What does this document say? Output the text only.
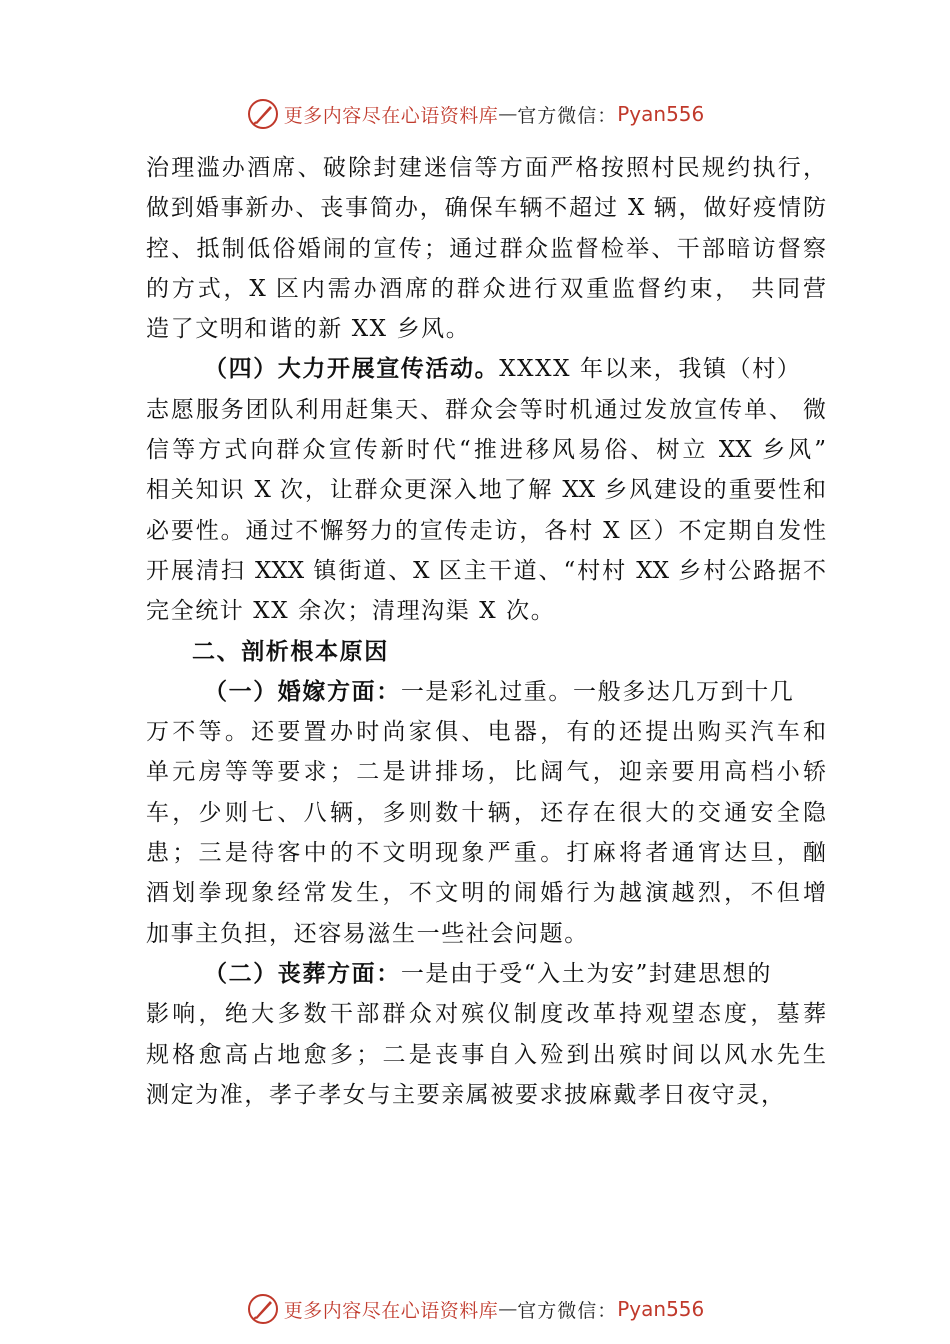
更多内容尽在心语资料库 — 官方微信： Pyan556
治理滥办酒席、破除封建迷信等方面严格按照村民规约执行，
做到婚事新办、丧事简办，确保车辆不超过 X 辆，做好疫情防
控、抵制低俗婚闹的宣传；通过群众监督检举、干部暗访督察
的方式，X 区内需办酒席的群众进行双重监督约束， 共同营
造了文明和谐的新 XX 乡风。
（四）大力开展宣传活动。XXXX 年以来，我镇（村）
志愿服务团队利用赶集天、群众会等时机通过发放宣传单、 微
信等方式向群众宣传新时代“推进移风易俗、树立 XX 乡风”
相关知识 X 次，让群众更深入地了解 XX 乡风建设的重要性和
必要性。通过不懈努力的宣传走访，各村 X 区）不定期自发性
开展清扫 XXX 镇街道、X 区主干道、“村村 XX 乡村公路据不
完全统计 XX 余次；清理沟渠 X 次。
二、剖析根本原因
（一）婚嫁方面：一是彩礼过重。一般多达几万到十几
万不等。还要置办时尚家俱、电器，有的还提出购买汽车和
单元房等等要求；二是讲排场，比阔气，迎亲要用高档小轿
车，少则七、八辆，多则数十辆，还存在很大的交通安全隐
患；三是待客中的不文明现象严重。打麻将者通宵达旦，酗
酒划拳现象经常发生，不文明的闹婚行为越演越烈，不但增
加事主负担，还容易滋生一些社会问题。
（二）丧葬方面：一是由于受“入土为安”封建思想的
影响，绝大多数干部群众对殡仪制度改革持观望态度，墓葬
规格愈高占地愈多；二是丧事自入殓到出殡时间以风水先生
测定为准，孝子孝女与主要亲属被要求披麻戴孝日夜守灵，
更多内容尽在心语资料库 — 官方微信： Pyan556
